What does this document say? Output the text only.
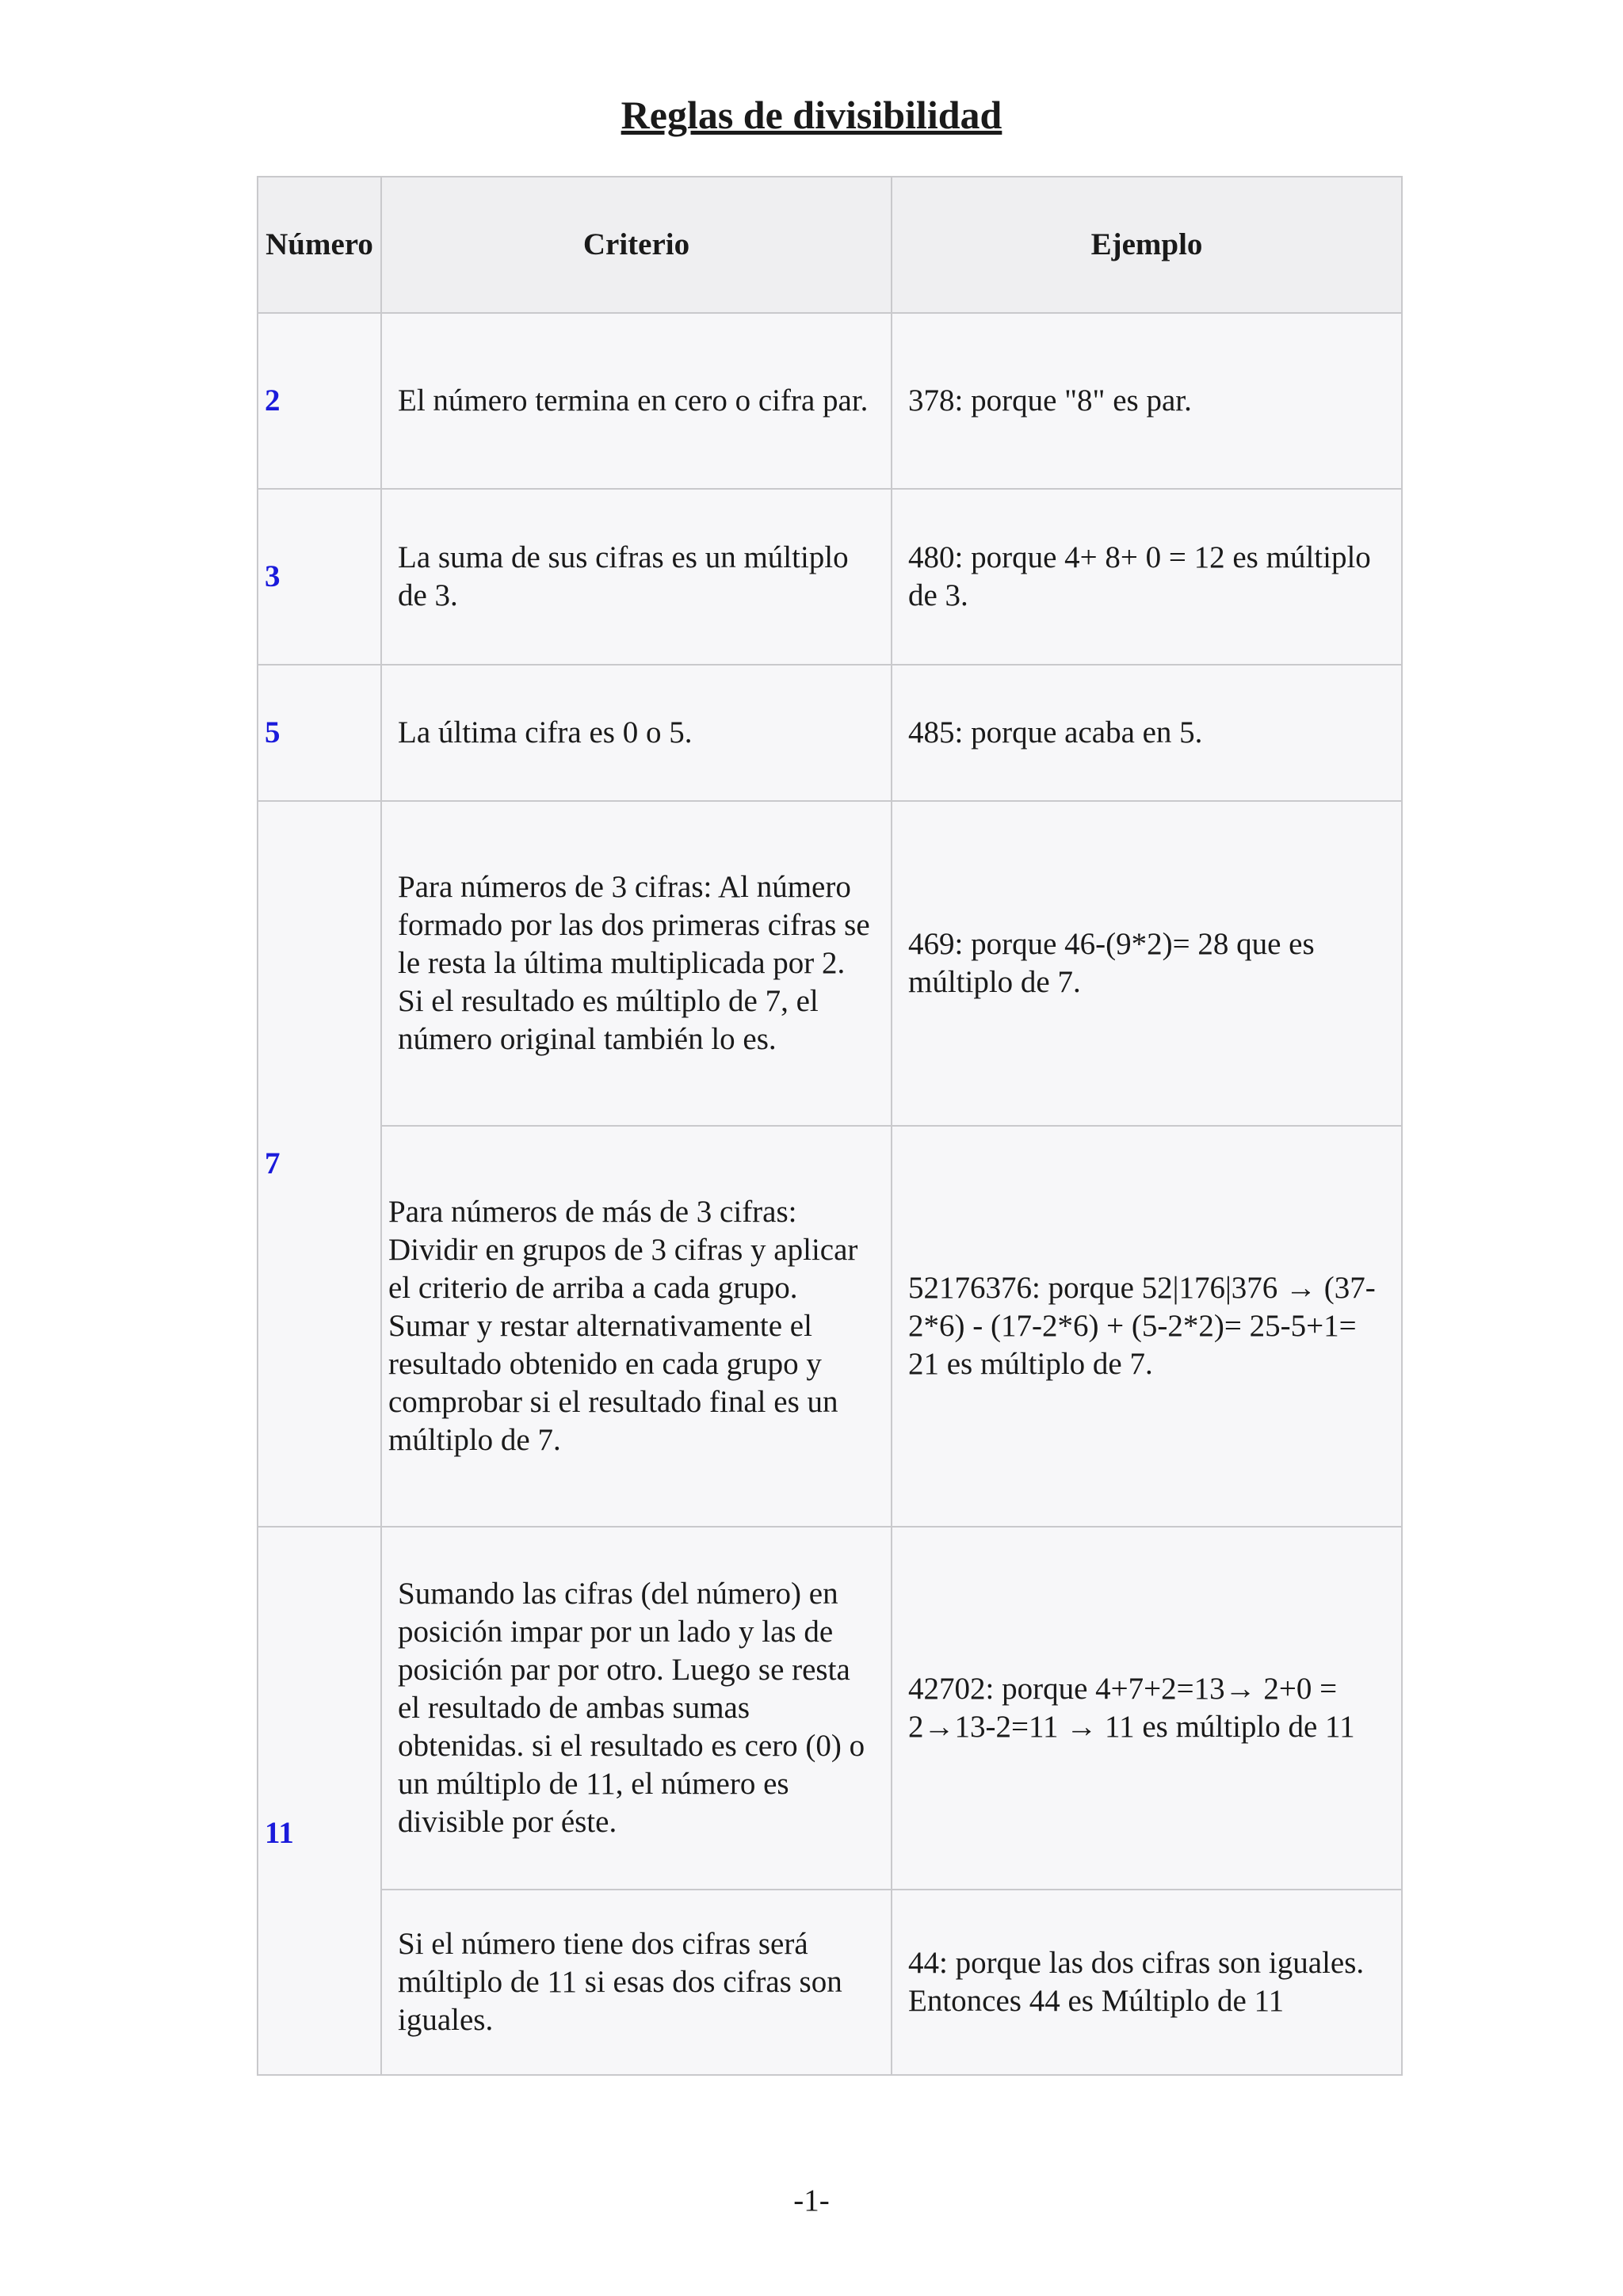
Reglas de divisibilidad
Número	Criterio	Ejemplo
2	El número termina en cero o cifra par.	378: porque "8" es par.
3	La suma de sus cifras es un múltiplo de 3.	480: porque 4+ 8+ 0 = 12 es múltiplo de 3.
5	La última cifra es 0 o 5.	485: porque acaba en 5.
7	Para números de 3 cifras: Al número formado por las dos primeras cifras se le resta la última multiplicada por 2. Si el resultado es múltiplo de 7, el número original también lo es.	469: porque 46-(9*2)= 28 que es múltiplo de 7.
	Para números de más de 3 cifras: Dividir en grupos de 3 cifras y aplicar el criterio de arriba a cada grupo. Sumar y restar alternativamente el resultado obtenido en cada grupo y comprobar si el resultado final es un múltiplo de 7.	52176376: porque 52|176|376 → (37-2*6) - (17-2*6) + (5-2*2)= 25-5+1= 21 es múltiplo de 7.
11	Sumando las cifras (del número) en posición impar por un lado y las de posición par por otro. Luego se resta el resultado de ambas sumas obtenidas. si el resultado es cero (0) o un múltiplo de 11, el número es divisible por éste.	42702: porque 4+7+2=13→ 2+0 = 2→13-2=11 → 11 es múltiplo de 11
	Si el número tiene dos cifras será múltiplo de 11 si esas dos cifras son iguales.	44: porque las dos cifras son iguales. Entonces 44 es Múltiplo de 11
-1-
